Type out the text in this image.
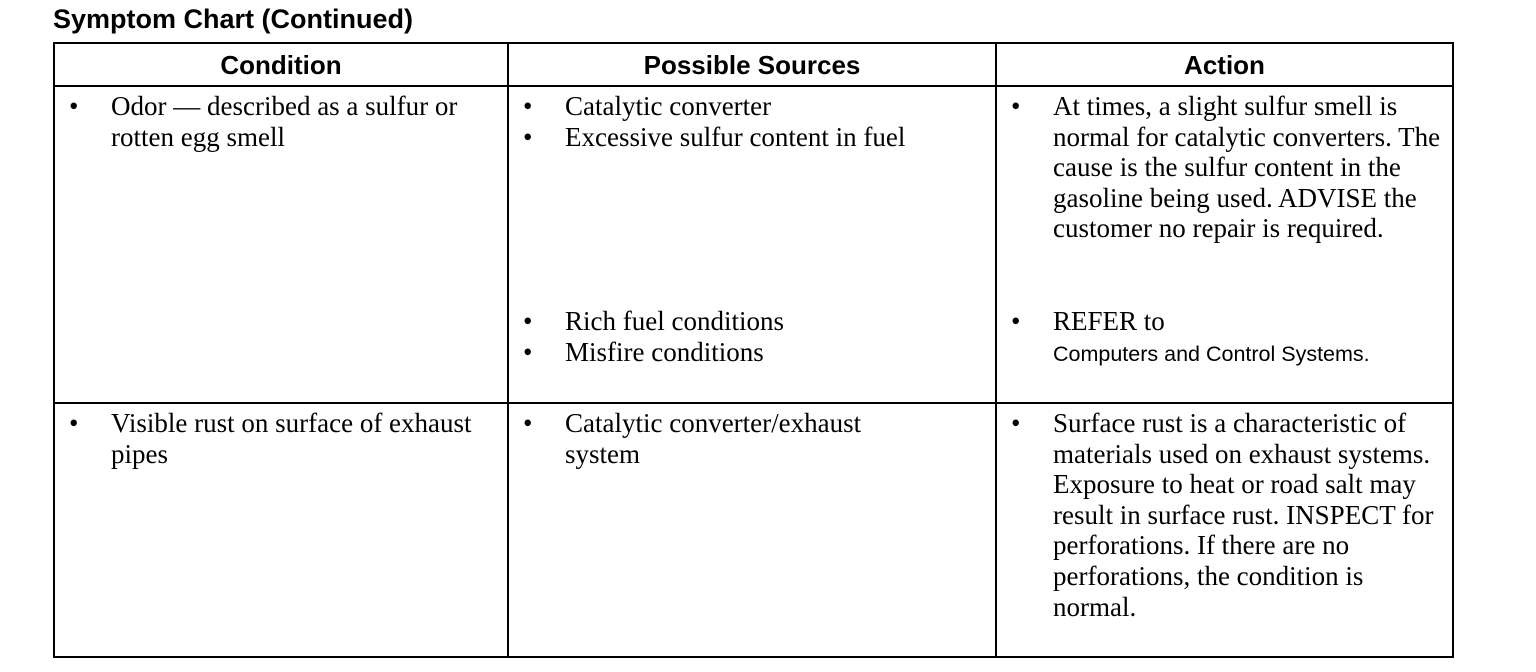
Symptom Chart (Continued)
Condition	Possible Sources	Action
• Odor — described as a sulfur or rotten egg smell
• Catalytic converter
• Excessive sulfur content in fuel
• At times, a slight sulfur smell is normal for catalytic converters. The cause is the sulfur content in the gasoline being used. ADVISE the customer no repair is required.
• Rich fuel conditions
• Misfire conditions
• REFER to
Computers and Control Systems.
• Visible rust on surface of exhaust pipes
• Catalytic converter/exhaust system
• Surface rust is a characteristic of materials used on exhaust systems. Exposure to heat or road salt may result in surface rust. INSPECT for perforations. If there are no perforations, the condition is normal.
